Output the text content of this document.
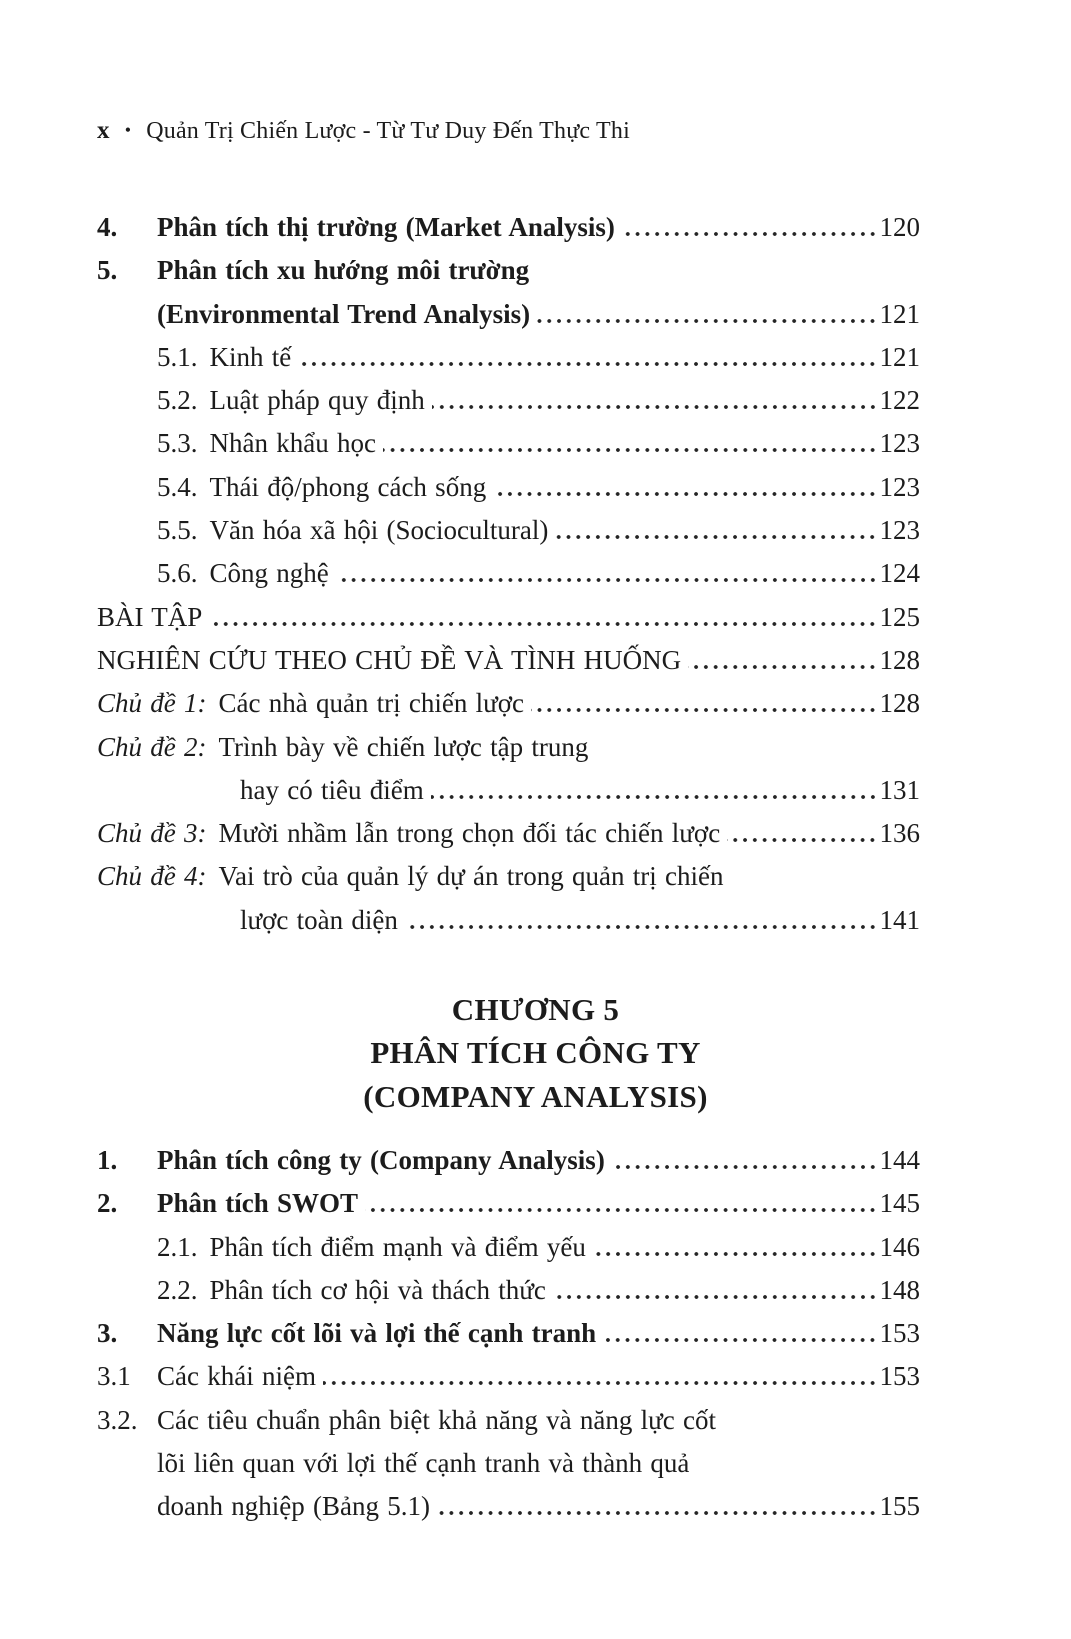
x • Quản Trị Chiến Lược - Từ Tư Duy Đến Thực Thi
4.	Phân tích thị trường (Market Analysis)	120
5.	Phân tích xu hướng môi trường
(Environmental Trend Analysis)	121
5.1. Kinh tế	121
5.2. Luật pháp quy định	122
5.3. Nhân khẩu học	123
5.4. Thái độ/phong cách sống	123
5.5. Văn hóa xã hội (Sociocultural)	123
5.6. Công nghệ	124
BÀI TẬP	125
NGHIÊN CỨU THEO CHỦ ĐỀ VÀ TÌNH HUỐNG	128
Chủ đề 1: Các nhà quản trị chiến lược	128
Chủ đề 2: Trình bày về chiến lược tập trung
hay có tiêu điểm	131
Chủ đề 3: Mười nhầm lẫn trong chọn đối tác chiến lược	136
Chủ đề 4: Vai trò của quản lý dự án trong quản trị chiến
lược toàn diện	141
CHƯƠNG 5
PHÂN TÍCH CÔNG TY
(COMPANY ANALYSIS)
1.	Phân tích công ty (Company Analysis)	144
2.	Phân tích SWOT	145
2.1. Phân tích điểm mạnh và điểm yếu	146
2.2. Phân tích cơ hội và thách thức	148
3.	Năng lực cốt lõi và lợi thế cạnh tranh	153
3.1 Các khái niệm	153
3.2. Các tiêu chuẩn phân biệt khả năng và năng lực cốt
lõi liên quan với lợi thế cạnh tranh và thành quả
doanh nghiệp (Bảng 5.1)	155
